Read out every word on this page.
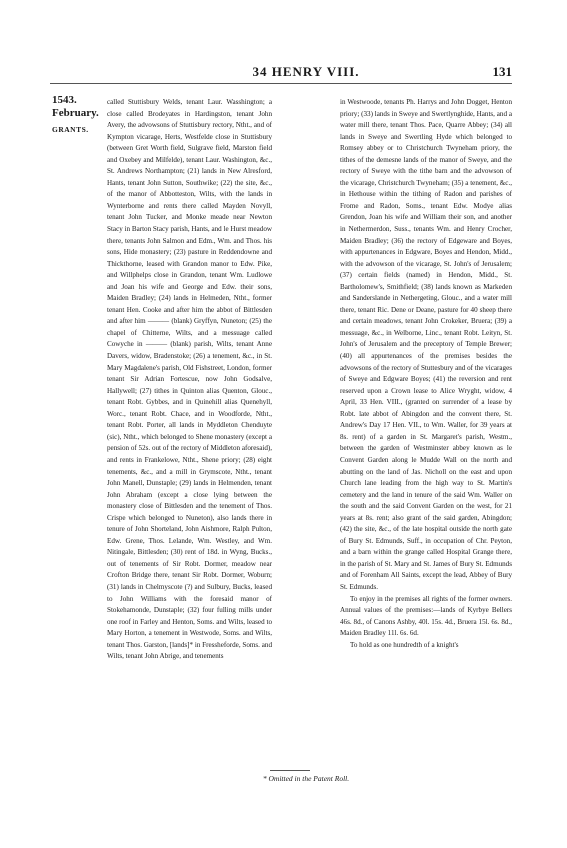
34 HENRY VIII.	131
1543.
February.
GRANTS.

called Stuttisbury Welds, tenant Laur. Wasshington; a close called Brodeyates in Hardingston, tenant John Avery, the advowsons of Stuttisbury rectory, Ntht., and of Kympton vicarage, Herts, Westfelde close in Stuttisbury (between Gret Worth field, Sulgrave field, Marston field and Oxebey and Milfelde), tenant Laur. Washington, &c., St. Andrews Northampton; (21) lands in New Alresford, Hants, tenant John Sutton, Southwike; (22) the site, &c., of the manor of Abbotteston, Wilts, with the lands in Wynterborne and rents there called Mayden Novyll, tenant John Tucker, and Monke meade near Newton Stacy in Barton Stacy parish, Hants, and le Hurst meadow there, tenants John Salmon and Edm., Wm. and Thos. his sons, Hide monastery; (23) pasture in Reddendowne and Thickthorne, leased with Grandon manor to Edw. Pike, and Willphelps close in Grandon, tenant Wm. Ludlowe and Joan his wife and George and Edw. their sons, Maiden Bradley; (24) lands in Helmeden, Ntht., former tenant Hen. Cooke and after him the abbot of Bittlesden and after him ——— (blank) Gryffyn, Nuneton; (25) the chapel of Chitterne, Wilts, and a messuage called Cowyche in ——— (blank) parish, Wilts, tenant Anne Davers, widow, Bradenstoke; (26) a tenement, &c., in St. Mary Magdalene's parish, Old Fishstreet, London, former tenant Sir Adrian Fortescue, now John Godsalve, Hallywell; (27) tithes in Quinton alias Quenton, Glouc., tenant Robt. Gybbes, and in Quinehill alias Quenehyll, Worc., tenant Robt. Chace, and in Woodforde, Ntht., tenant Robt. Porter, all lands in Myddleton Chenduyte (sic), Ntht., which belonged to Shene monastery (except a pension of 52s. out of the rectory of Middleton aforesaid), and rents in Frankelowe, Ntht., Shene priory; (28) eight tenements, &c., and a mill in Grymscote, Ntht., tenant John Manell, Dunstaple; (29) lands in Helmenden, tenant John Abraham (except a close lying between the monastery close of Bittlesden and the tenement of Thos. Crispe which belonged to Nuneton), also lands there in tenure of John Shorteland, John Aishmore, Ralph Pulton, Edw. Grene, Thos. Lelande, Wm. Westley, and Wm. Nitingale, Bittlesden; (30) rent of 18d. in Wyng, Bucks., out of tenements of Sir Robt. Dormer, meadow near Crofton Bridge there, tenant Sir Robt. Dormer, Woburn; (31) lands in Chelmyscote (?) and Sulbury, Bucks, leased to John Williams with the foresaid manor of Stokehamonde, Dunstaple; (32) four fulling mills under one roof in Farley and Henton, Soms. and Wilts, leased to Mary Horton, a tenement in Westwode, Soms. and Wilts, tenant Thos. Garston, [lands]* in Fressheforde, Soms. and Wilts, tenant John Abrige, and tenements

in Westwoode, tenants Ph. Harrys and John Dogget, Henton priory; (33) lands in Sweye and Swertlynghide, Hants, and a water mill there, tenant Thos. Pace, Quarre Abbey; (34) all lands in Sweye and Swertling Hyde which belonged to Romsey abbey or to Christchurch Twyneham priory, the tithes of the demesne lands of the manor of Sweye, and the rectory of Sweye with the tithe barn and the advowson of the vicarage, Christchurch Twyneham; (35) a tenement, &c., in Hethouse within the tithing of Radon and parishes of Frome and Radon, Soms., tenant Edw. Modye alias Grendon, Joan his wife and William their son, and another in Nethermerdon, Suss., tenants Wm. and Henry Crocher, Maiden Bradley; (36) the rectory of Edgeware and Boyes, with appurtenances in Edgware, Boyes and Hendon, Midd., with the advowson of the vicarage, St. John's of Jerusalem; (37) certain fields (named) in Hendon, Midd., St. Bartholomew's, Smithfield; (38) lands known as Markeden and Sanderslande in Nethergeting, Glouc., and a water mill there, tenant Ric. Dene or Deane, pasture for 40 sheep there and certain meadows, tenant John Crokeker, Bruera; (39) a messuage, &c., in Welborne, Linc., tenant Robt. Leityn, St. John's of Jerusalem and the preceptory of Temple Brewer; (40) all appurtenances of the premises besides the advowsons of the rectory of Stuttesbury and of the vicarages of Sweye and Edgware Boyes; (41) the reversion and rent reserved upon a Crown lease to Alice Wryght, widow, 4 April, 33 Hen. VIII., (granted on surrender of a lease by Robt. late abbot of Abingdon and the convent there, St. Andrew's Day 17 Hen. VII., to Wm. Waller, for 39 years at 8s. rent) of a garden in St. Margaret's parish, Westm., between the garden of Westminster abbey known as le Convent Garden along le Mudde Wall on the north and abutting on the land of Jas. Nicholl on the east and upon Church lane leading from the high way to St. Martin's cemetery and the land in tenure of the said Wm. Waller on the south and the said Convent Garden on the west, for 21 years at 8s. rent; also grant of the said garden, Abingdon; (42) the site, &c., of the late hospital outside the north gate of Bury St. Edmunds, Suff., in occupation of Chr. Peyton, and a barn within the grange called Hospital Grange there, in the parish of St. Mary and St. James of Bury St. Edmunds and of Forenham All Saints, except the lead, Abbey of Bury St. Edmunds.

To enjoy in the premises all rights of the former owners. Annual values of the premises:—lands of Kyrbye Bellers 46s. 8d., of Canons Ashby, 40l. 15s. 4d., Bruera 15l. 6s. 8d., Maiden Bradley 11l. 6s. 6d.

To hold as one hundredth of a knight's

* Omitted in the Patent Roll.
